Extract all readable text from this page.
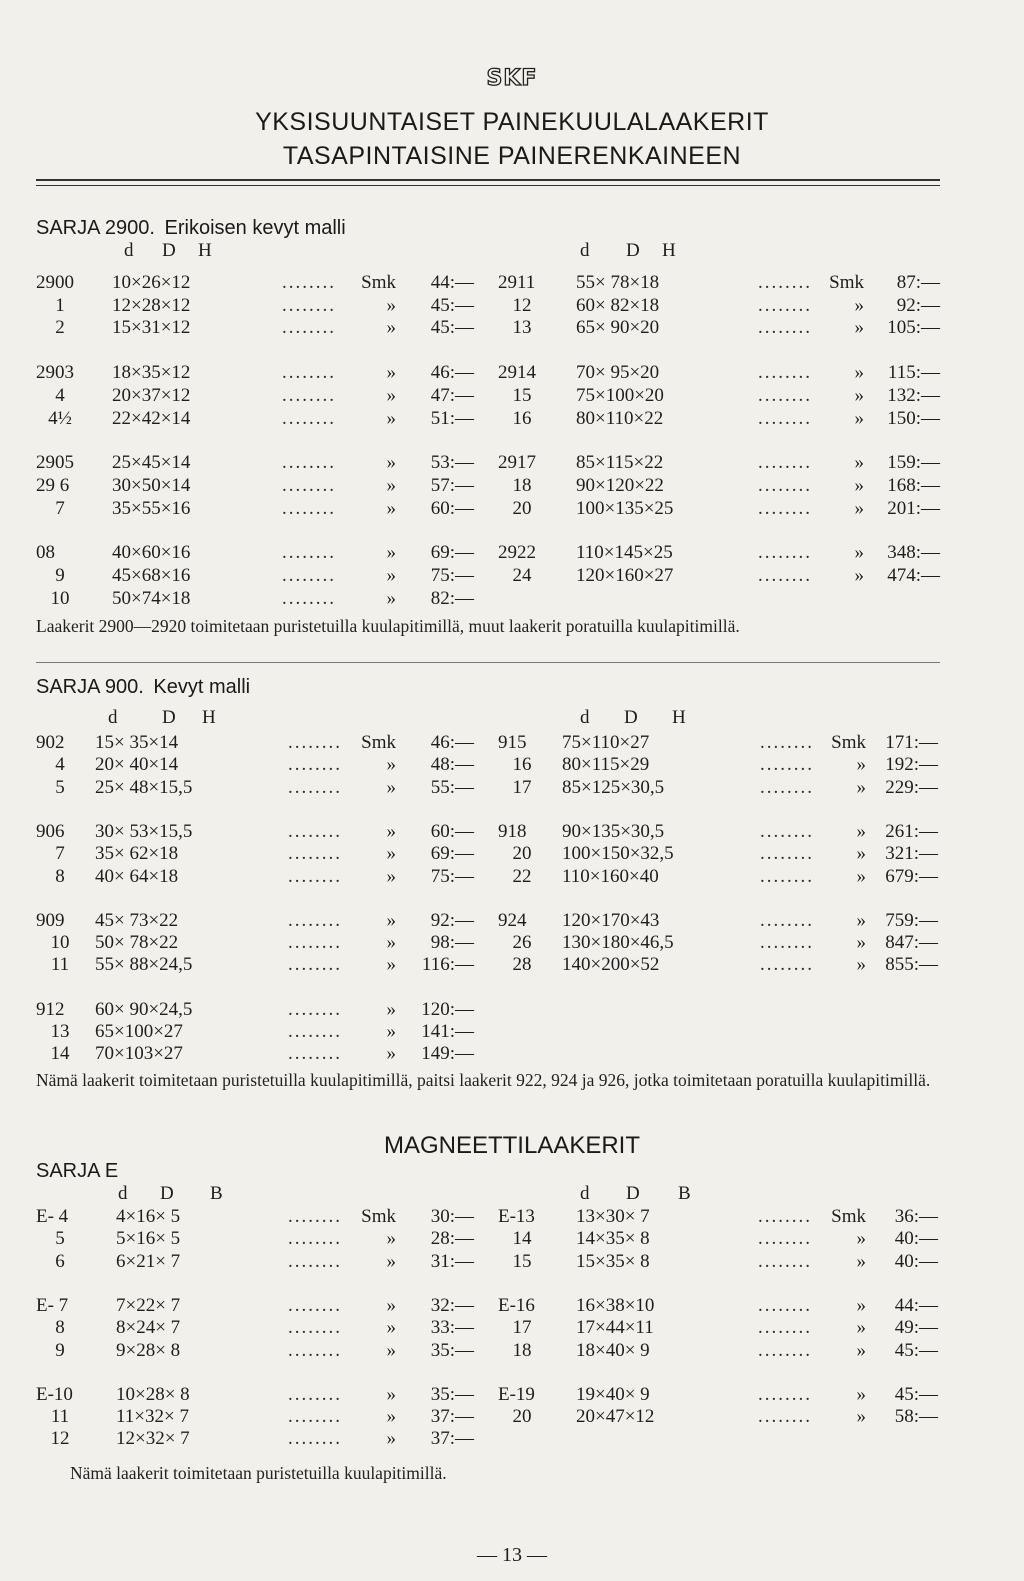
SKF
YKSISUUNTAISET PAINEKUULALAAKERIT
TASAPINTAISINE PAINERENKAINEEN
SARJA 2900. Erikoisen kevyt malli
d	d
D	D
H	H
2900	10×26×12	........	Smk	44:— 2911	55× 78×18	........ Smk	87:—
1	12×28×12	........	»	45:—	12	60× 82×18	........	»	92:—
2	15×31×12	........	»	45:—	13	65× 90×20	........	»	105:—
2903	18×35×12	........	»	46:— 2914	70× 95×20	........	»	115:—
4	20×37×12	........	»	47:—	15	75×100×20	........	»	132:—
4½	22×42×14	........	»	51:—	16	80×110×22	........	»	150:—
2905	25×45×14	........	»	53:— 2917	85×115×22	........	»	159:—
29 6	30×50×14	........	»	57:—	18	90×120×22	........	»	168:—
7	35×55×16	........	»	60:—	20	100×135×25	........	»	201:—
08	40×60×16	........	»	69:— 2922	110×145×25	........	»	348:—
9	45×68×16	........	»	75:—	24	120×160×27	........	»	474:—
10	50×74×18	........	»	82:—
Laakerit 2900—2920 toimitetaan puristetuilla kuulapitimillä, muut laakerit poratuilla kuulapitimillä.
SARJA 900. Kevyt malli
d	d
D	D
H	H
902	15× 35×14	........	Smk	46:— 915	75×110×27	........ Smk	171:—
4	20× 40×14	........	»	48:—	16	80×115×29	........	»	192:—
5	25× 48×15,5	........	»	55:—	17	85×125×30,5	........	»	229:—
906	30× 53×15,5	........	»	60:— 918	90×135×30,5	........	»	261:—
7	35× 62×18	........	»	69:—	20	100×150×32,5	........	»	321:—
8	40× 64×18	........	»	75:—	22	110×160×40	........	»	679:—
909	45× 73×22	........	»	92:— 924	120×170×43	........	»	759:—
10	50× 78×22	........	»	98:—	26	130×180×46,5	........	»	847:—
11	55× 88×24,5	........	»	116:—	28	140×200×52	........	»	855:—
912	60× 90×24,5	........	»	120:—
13	65×100×27	........	»	141:—
14	70×103×27	........	»	149:—
Nämä laakerit toimitetaan puristetuilla kuulapitimillä, paitsi laakerit 922, 924 ja 926, jotka toimitetaan poratuilla kuulapitimillä.
MAGNEETTILAAKERIT
SARJA E
d	d
D	D
B	B
E- 4	4×16× 5	........	Smk	30:— E-13	13×30× 7	........	Smk	36:—
5	5×16× 5	........	»	28:—	14	14×35× 8	........	»	40:—
6	6×21× 7	........	»	31:—	15	15×35× 8	........	»	40:—
E- 7	7×22× 7	........	»	32:— E-16	16×38×10	........	»	44:—
8	8×24× 7	........	»	33:—	17	17×44×11	........	»	49:—
9	9×28× 8	........	»	35:—	18	18×40× 9	........	»	45:—
E-10	10×28× 8	........	»	35:— E-19	19×40× 9	........	»	45:—
11	11×32× 7	........	»	37:—	20	20×47×12	........	»	58:—
12	12×32× 7	........	»	37:—
Nämä laakerit toimitetaan puristetuilla kuulapitimillä.
— 13 —
